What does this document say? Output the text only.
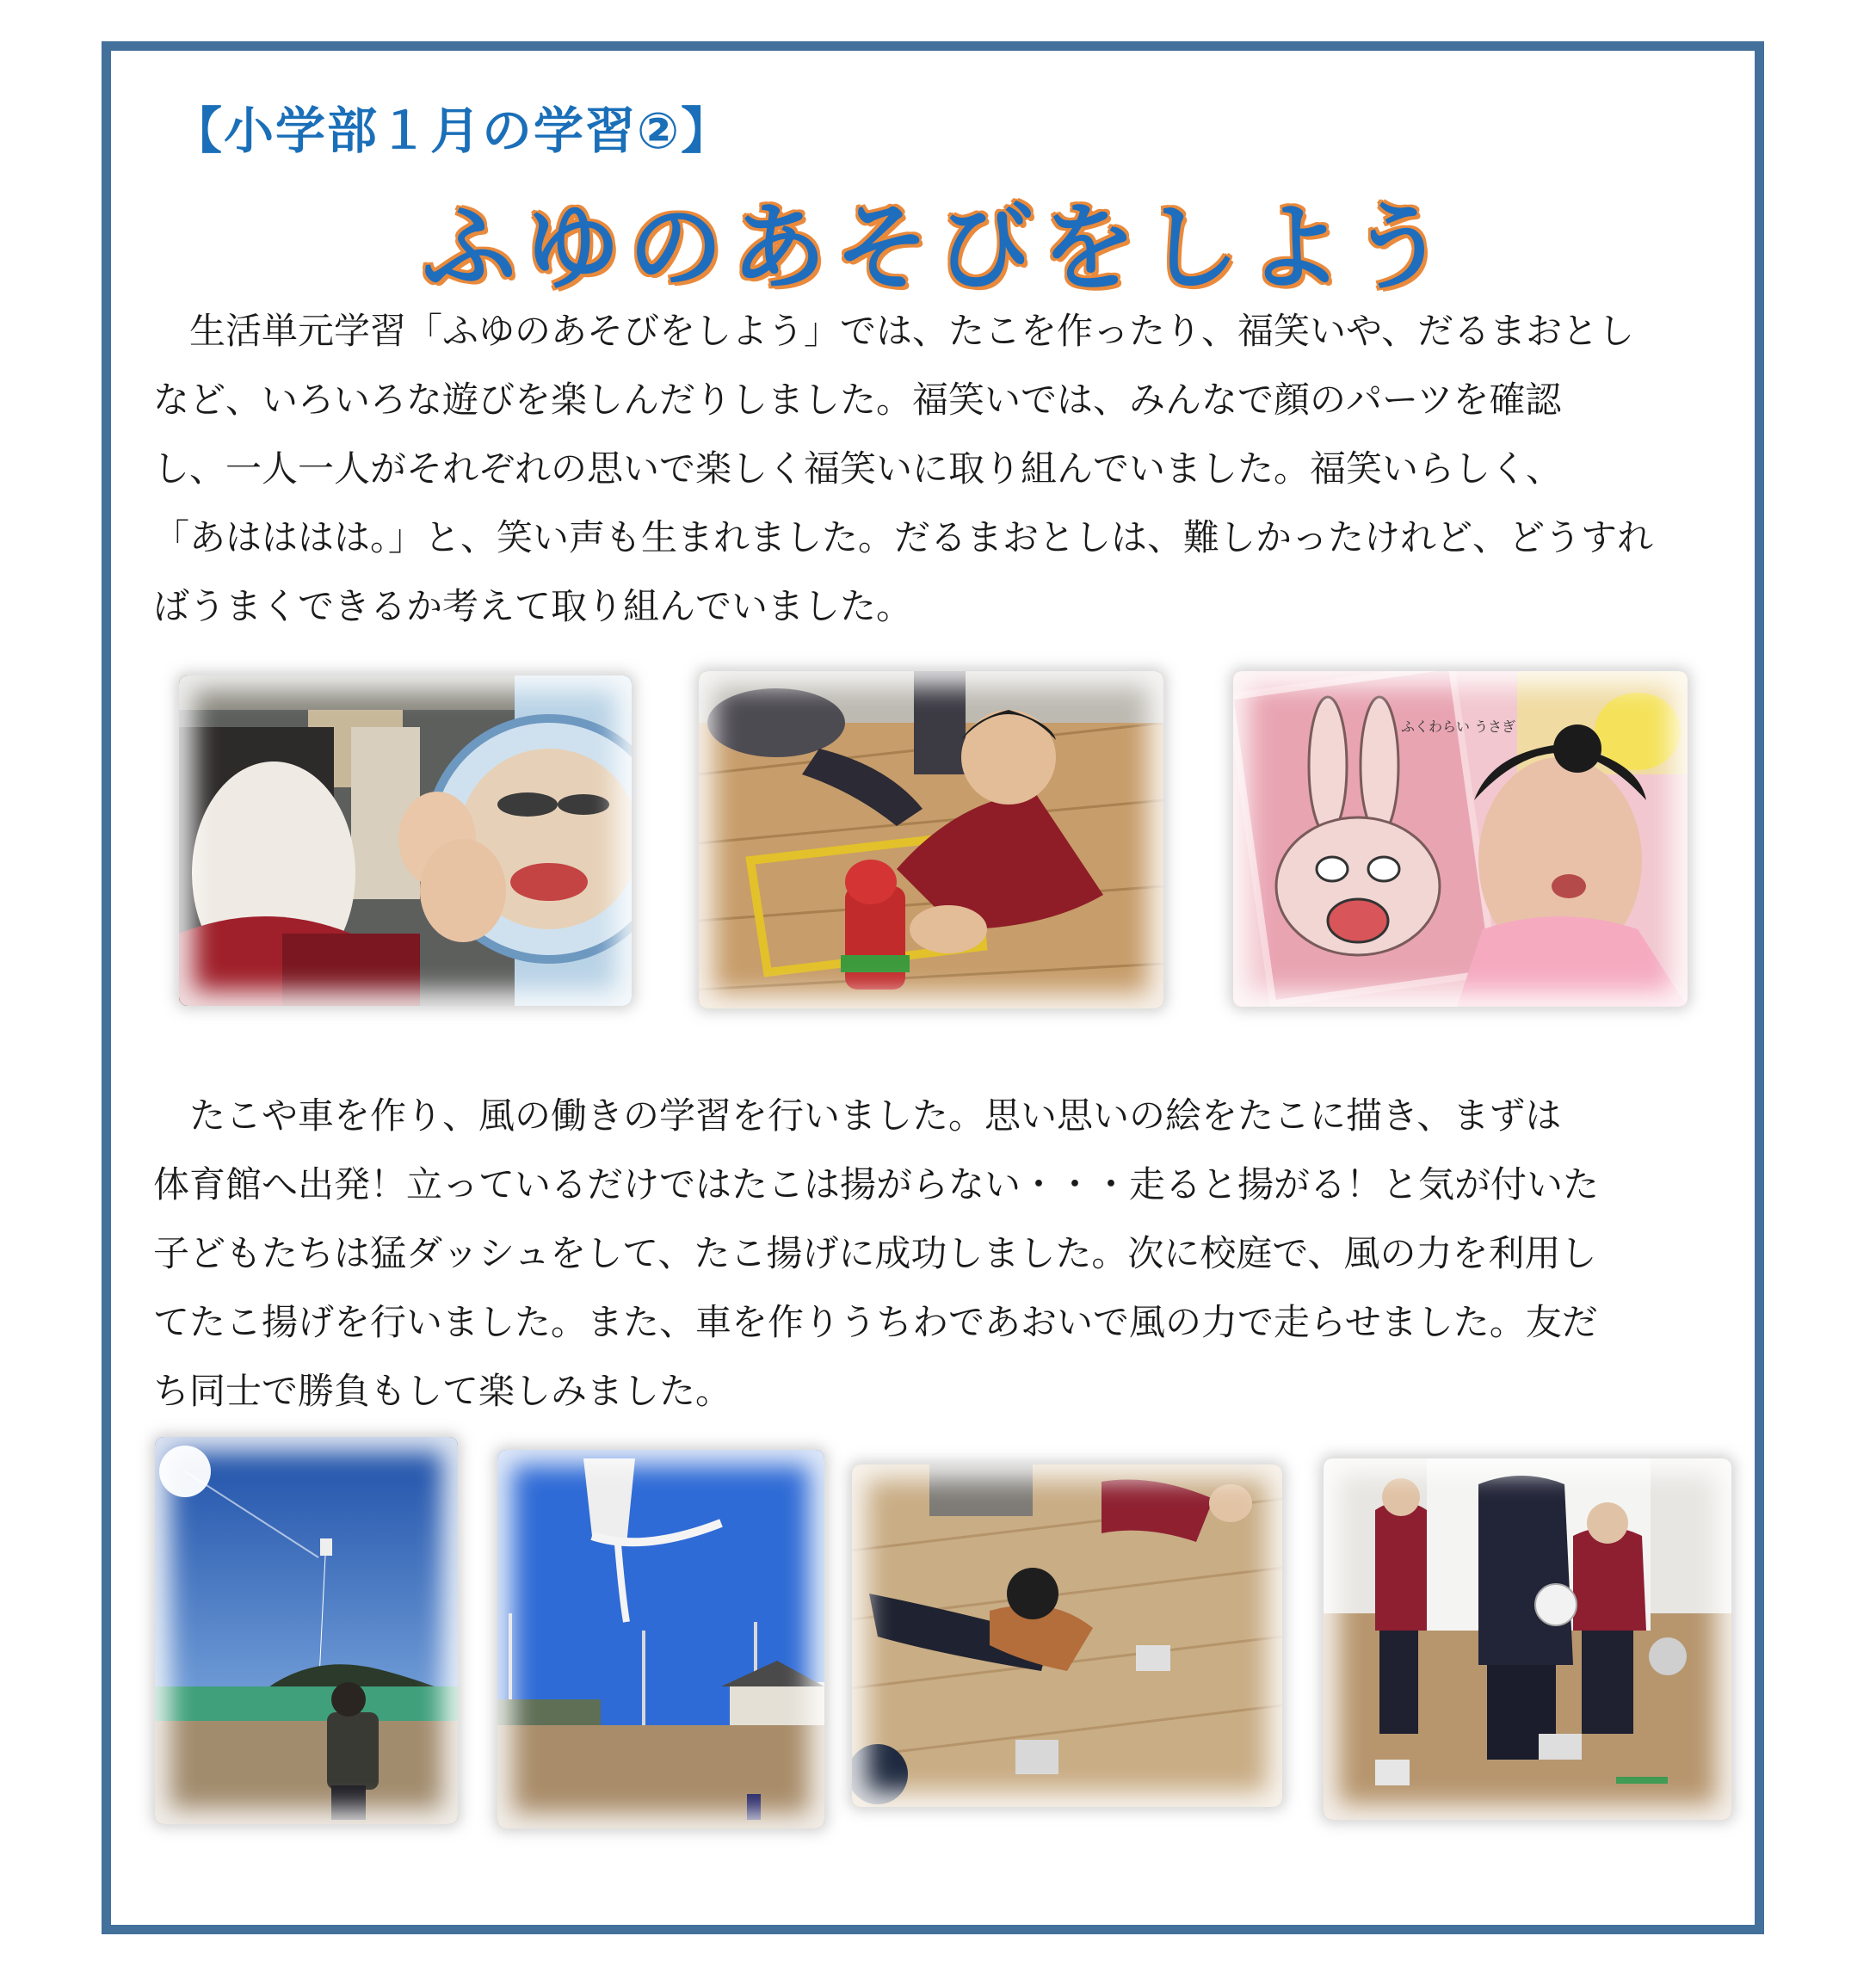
【小学部１月の学習②】
ふゆのあそびをしよう
　生活単元学習「ふゆのあそびをしよう」では、たこを作ったり、福笑いや、だるまおとし
など、いろいろな遊びを楽しんだりしました。福笑いでは、みんなで顔のパーツを確認
し、一人一人がそれぞれの思いで楽しく福笑いに取り組んでいました。福笑いらしく、
「あはははは。」と、笑い声も生まれました。だるまおとしは、難しかったけれど、どうすれ
ばうまくできるか考えて取り組んでいました。
ふくわらい うさぎ
　たこや車を作り、風の働きの学習を行いました。思い思いの絵をたこに描き、まずは
体育館へ出発！立っているだけではたこは揚がらない・・・走ると揚がる！と気が付いた
子どもたちは猛ダッシュをして、たこ揚げに成功しました。次に校庭で、風の力を利用し
てたこ揚げを行いました。また、車を作りうちわであおいで風の力で走らせました。友だ
ち同士で勝負もして楽しみました。
